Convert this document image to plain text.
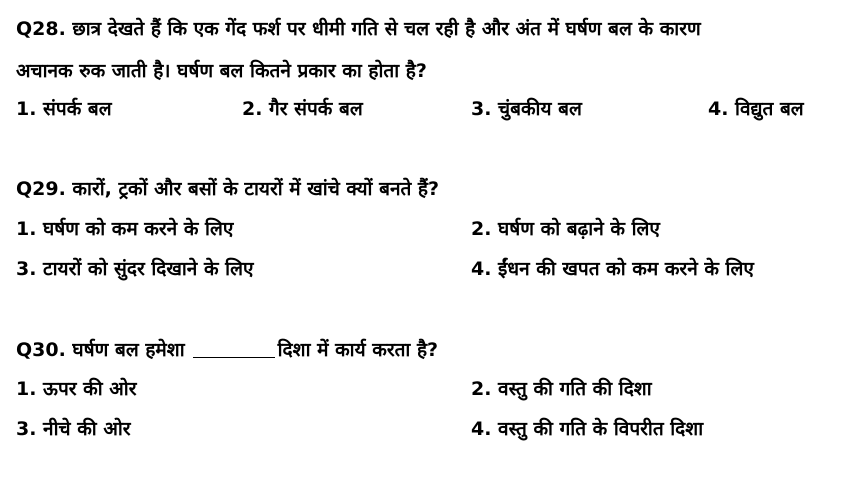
Q28. छात्र देखते हैं कि एक गेंद फर्श पर धीमी गति से चल रही है और अंत में घर्षण बल के कारण
अचानक रुक जाती है। घर्षण बल कितने प्रकार का होता है?
1. संपर्क बल	2. गैर संपर्क बल	3. चुंबकीय बल	4. विद्युत बल
Q29. कारों, ट्रकों और बसों के टायरों में खांचे क्यों बनते हैं?
1. घर्षण को कम करने के लिए	2. घर्षण को बढ़ाने के लिए
3. टायरों को सुंदर दिखाने के लिए	4. ईंधन की खपत को कम करने के लिए
Q30. घर्षण बल हमेशा	दिशा में कार्य करता है?
1. ऊपर की ओर	2. वस्तु की गति की दिशा
3. नीचे की ओर	4. वस्तु की गति के विपरीत दिशा
